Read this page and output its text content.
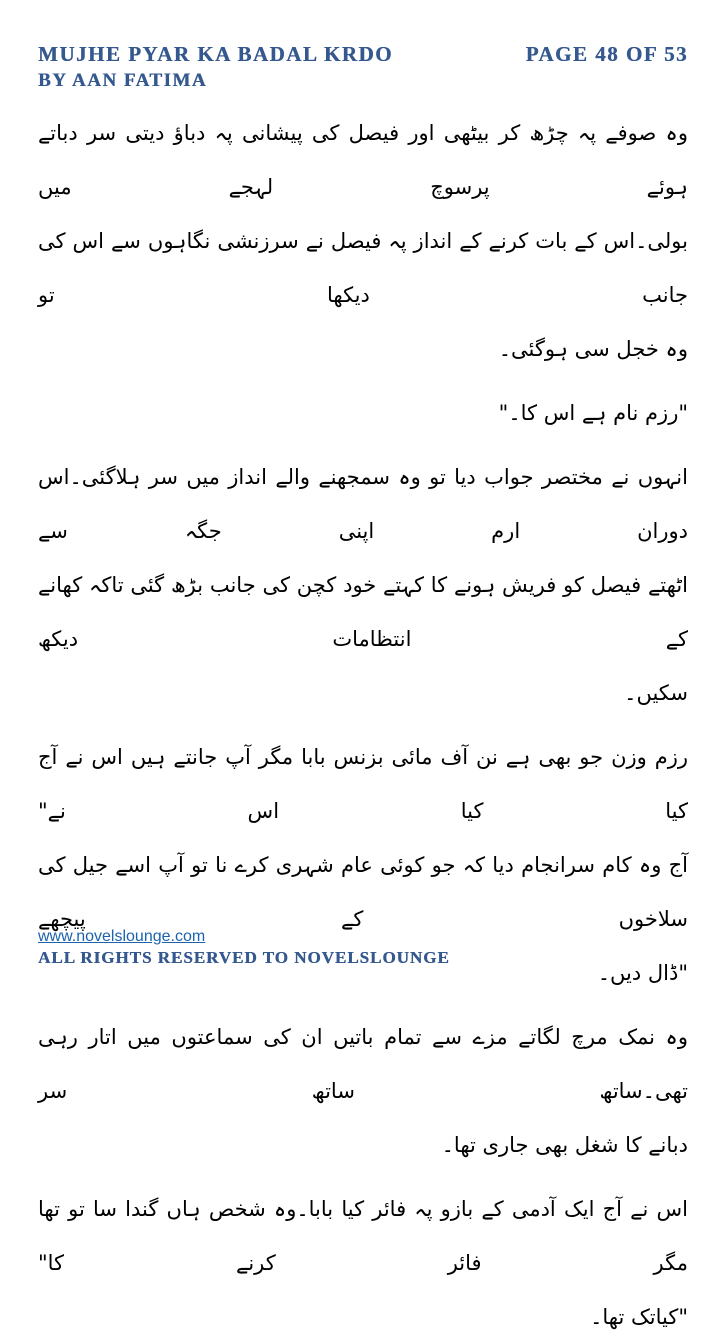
MUJHE PYAR KA BADAL KRDO	PAGE 48 OF 53
BY AAN FATIMA
وہ صوفے پہ چڑھ کر بیٹھی اور فیصل کی پیشانی پہ دباؤ دیتی سر دباتے ہوئے پرسوچ لہجے میں
بولی۔اس کے بات کرنے کے انداز پہ فیصل نے سرزنشی نگاہوں سے اس کی جانب دیکھا تو
وہ خجل سی ہوگئی۔
"رزم نام ہے اس کا۔"
انہوں نے مختصر جواب دیا تو وہ سمجھنے والے انداز میں سر ہلاگئی۔اس دوران ارم اپنی جگہ سے
اٹھتے فیصل کو فریش ہونے کا کہتے خود کچن کی جانب بڑھ گئی تاکہ کھانے کے انتظامات دیکھ
سکیں۔
رزم وزن جو بھی ہے نن آف مائی بزنس بابا مگر آپ جانتے ہیں اس نے آج کیا کیا اس نے"
آج وہ کام سرانجام دیا کہ جو کوئی عام شہری کرے نا تو آپ اسے جیل کی سلاخوں کے پیچھے
"ڈال دیں۔
وہ نمک مرچ لگاتے مزے سے تمام باتیں ان کی سماعتوں میں اتار رہی تھی۔ساتھ ساتھ سر
دبانے کا شغل بھی جاری تھا۔
اس نے آج ایک آدمی کے بازو پہ فائر کیا بابا۔وہ شخص ہاں گندا سا تو تھا مگر فائر کرنے کا"
"کیاتک تھا۔
www.novelslounge.com
ALL RIGHTS RESERVED TO NOVELSLOUNGE
